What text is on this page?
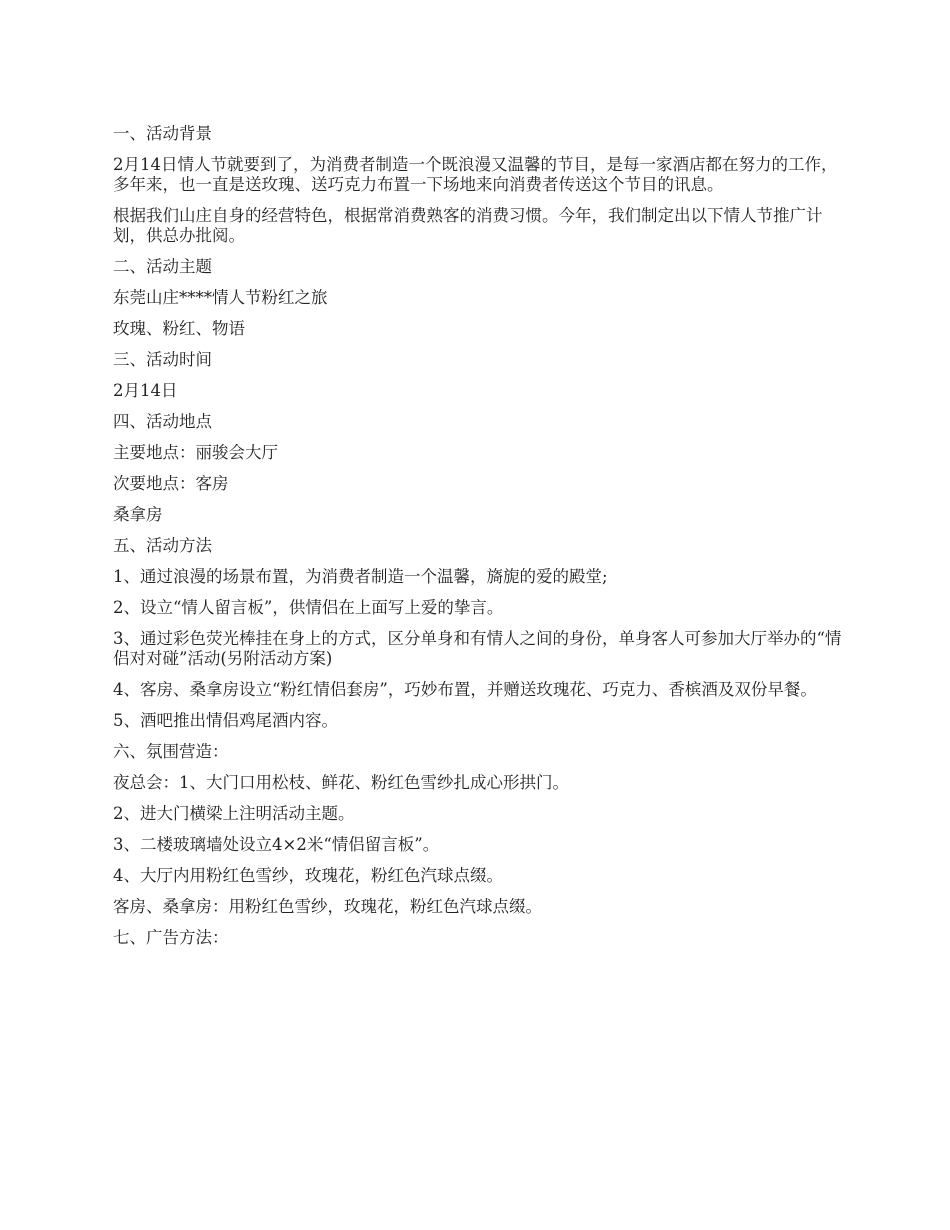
一、活动背景

2月14日情人节就要到了，为消费者制造一个既浪漫又温馨的节目，是每一家酒店都在努力的工作，多年来，也一直是送玫瑰、送巧克力布置一下场地来向消费者传送这个节目的讯息。

根据我们山庄自身的经营特色，根据常消费熟客的消费习惯。今年，我们制定出以下情人节推广计划，供总办批阅。

二、活动主题

东莞山庄****情人节粉红之旅

玫瑰、粉红、物语

三、活动时间

2月14日

四、活动地点

主要地点：丽骏会大厅

次要地点：客房

桑拿房

五、活动方法

1、通过浪漫的场景布置，为消费者制造一个温馨，旖旎的爱的殿堂;

2、设立“情人留言板”，供情侣在上面写上爱的挚言。

3、通过彩色荧光棒挂在身上的方式，区分单身和有情人之间的身份，单身客人可参加大厅举办的“情侣对对碰”活动(另附活动方案)

4、客房、桑拿房设立“粉红情侣套房”，巧妙布置，并赠送玫瑰花、巧克力、香槟酒及双份早餐。

5、酒吧推出情侣鸡尾酒内容。

六、氛围营造：

夜总会：1、大门口用松枝、鲜花、粉红色雪纱扎成心形拱门。

2、进大门横梁上注明活动主题。

3、二楼玻璃墙处设立4×2米“情侣留言板”。

4、大厅内用粉红色雪纱，玫瑰花，粉红色汽球点缀。

客房、桑拿房：用粉红色雪纱，玫瑰花，粉红色汽球点缀。

七、广告方法：
